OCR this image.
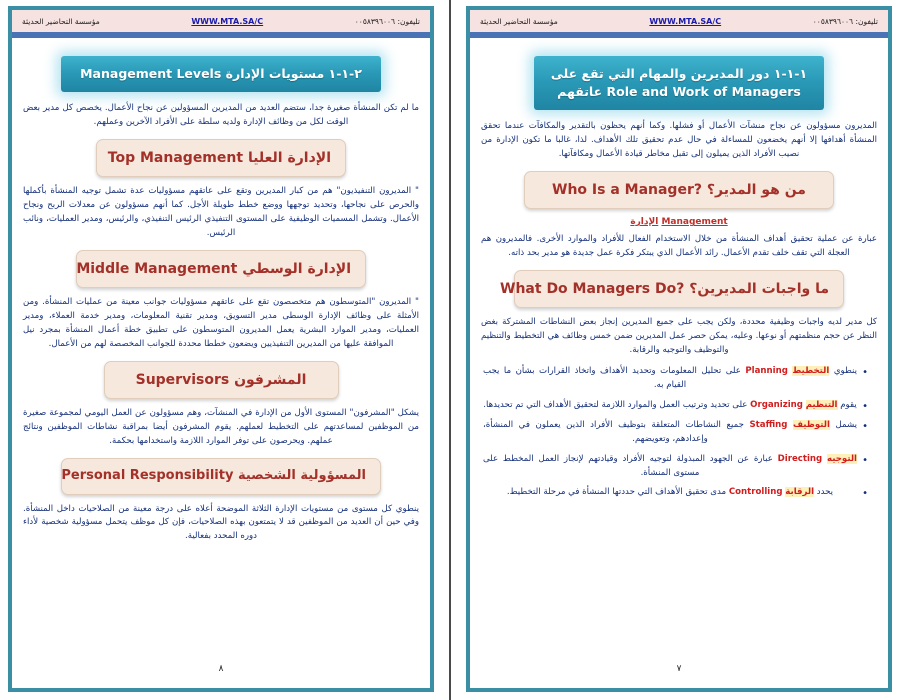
تليفون: ٠٠٥٨٣٩٦٠٠٦
WWW.MTA.SA/C
مؤسسة التحاضير الحديثة
١-١-١ دور المديرين والمهام التي تقع على
Role and Work of Managers عاتقهم

المديرون مسؤولون عن نجاح منشآت الأعمال أو فشلها. وكما أنهم يحظون بالتقدير والمكافآت عندما تحقق المنشأة أهدافها إلا أنهم يخضعون للمساءلة في حال عدم تحقيق تلك الأهداف. لذا، غالبا ما تكون الإدارة من نصيب الأفراد الذين يميلون إلى تقبل مخاطر قيادة الأعمال ومكافآتها.

من هو المدير؟ Who Is a Manager?
Management الإدارة

عبارة عن عملية تحقيق أهداف المنشأة من خلال الاستخدام الفعال للأفراد والموارد الأخرى. فالمديرون هم العجلة التي تقف خلف تقدم الأعمال. رائد الأعمال الذي يبتكر فكرة عمل جديدة هو مدير بحد ذاته.

ما واجبات المديرين؟ What Do Managers Do?

كل مدير لديه واجبات وظيفية محددة، ولكن يجب على جميع المديرين إنجاز بعض النشاطات المشتركة بغض النظر عن حجم منظمتهم أو نوعها. وعليه، يمكن حصر عمل المديرين ضمن خمس وظائف هي التخطيط والتنظيم والتوظيف والتوجيه والرقابة.

• ينطوي التخطيط Planning على تحليل المعلومات وتحديد الأهداف واتخاذ القرارات بشأن ما يجب القيام به.
• يقوم التنظيم Organizing على تحديد وترتيب العمل والموارد اللازمة لتحقيق الأهداف التي تم تحديدها.
• يشمل التوظيف Staffing جميع النشاطات المتعلقة بتوظيف الأفراد الذين يعملون في المنشأة، وإعدادهم، وتعويضهم.
• التوجيه Directing عبارة عن الجهود المبذولة لتوجيه الأفراد وقيادتهم لإنجاز العمل المخطط على مستوى المنشأة.
• يحدد الرقابة Controlling مدى تحقيق الأهداف التي حددتها المنشأة في مرحلة التخطيط.
٧
تليفون: ٠٠٥٨٣٩٦٠٠٦
WWW.MTA.SA/C
مؤسسة التحاضير الحديثة
٢-١-١ مستويات الإدارة Management Levels

ما لم تكن المنشأة صغيرة جدا، ستضم العديد من المديرين المسؤولين عن نجاح الأعمال. يخصص كل مدير بعض الوقت لكل من وظائف الإدارة ولديه سلطة على الأفراد الآخرين وعملهم.

الإدارة العليا Top Management

" المديرون التنفيذيون" هم من كبار المديرين وتقع على عاتقهم مسؤوليات عدة تشمل توجيه المنشأة بأكملها والحرص على نجاحها، وتحديد توجهها ووضع خطط طويلة الأجل. كما أنهم مسؤولون عن معدلات الربح ونجاح الأعمال. وتشمل المسميات الوظيفية على المستوى التنفيذي الرئيس التنفيذي، والرئيس، ومدير العمليات، ونائب الرئيس.

الإدارة الوسطي Middle Management

" المديرون "المتوسطون هم متخصصون تقع على عاتقهم مسؤوليات جوانب معينة من عمليات المنشأة. ومن الأمثلة على وظائف الإدارة الوسطى مدير التسويق، ومدير تقنية المعلومات، ومدير خدمة العملاء، ومدير العمليات، ومدير الموارد البشرية يعمل المديرون المتوسطون على تطبيق خطة أعمال المنشأة بمجرد نيل الموافقة عليها من المديرين التنفيذيين ويضعون خططا محددة للجوانب المخصصة لهم من الأعمال.

المشرفون Supervisors

يشكل "المشرفون" المستوى الأول من الإدارة في المنشآت، وهم مسؤولون عن العمل اليومي لمجموعة صغيرة من الموظفين لمساعدتهم على التخطيط لعملهم. يقوم المشرفون أيضا بمراقبة نشاطات الموظفين ونتائج عملهم. ويحرصون على توفر الموارد اللازمة واستخدامها بحكمة.

المسؤولية الشخصية Personal Responsibility

ينطوي كل مستوى من مستويات الإدارة الثلاثة الموضحة أعلاه على درجة معينة من الصلاحيات داخل المنشأة. وفي حين أن العديد من الموظفين قد لا يتمتعون بهذه الصلاحيات، فإن كل موظف يتحمل مسؤولية شخصية لأداء دوره المحدد بفعالية.

٨
